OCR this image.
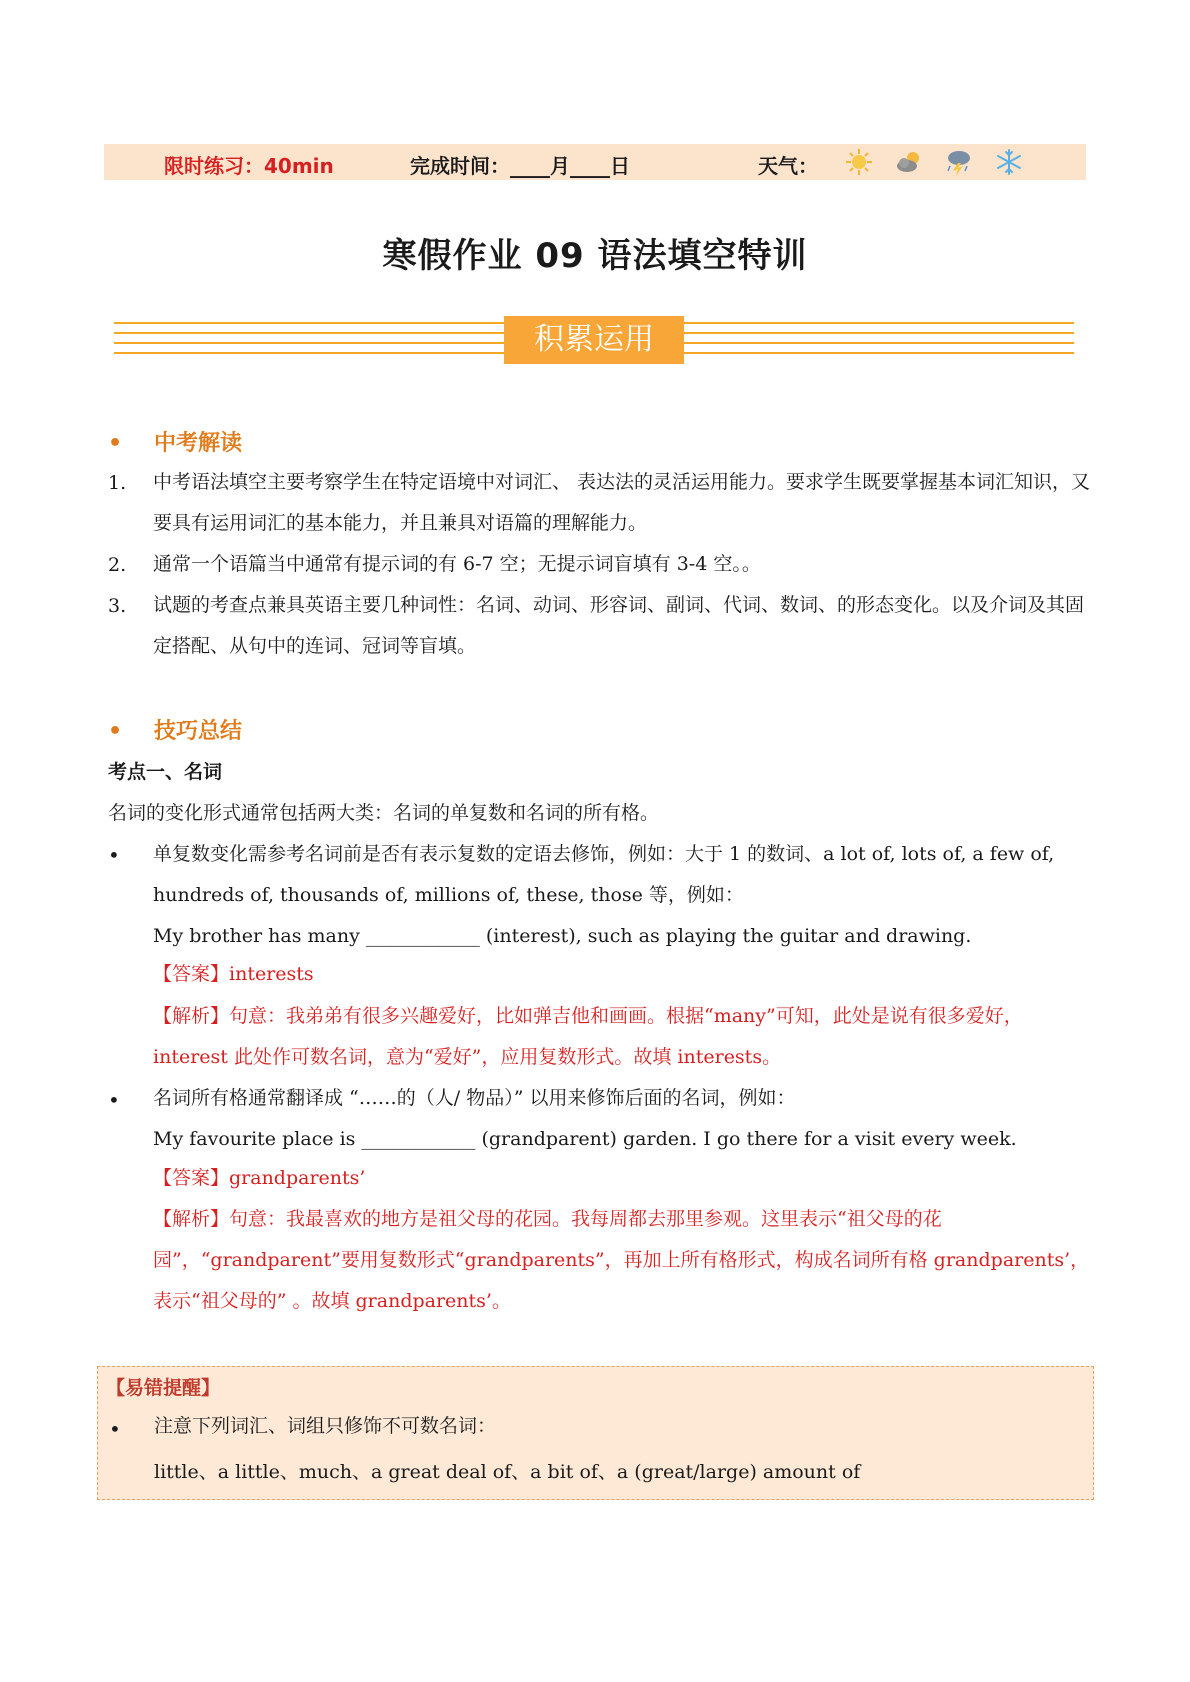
限时练习：40min	完成时间：____月____日	天气：
寒假作业 09 语法填空特训
积累运用
• 中考解读
1. 中考语法填空主要考察学生在特定语境中对词汇、 表达法的灵活运用能力。要求学生既要掌握基本词汇知识，又要具有运用词汇的基本能力，并且兼具对语篇的理解能力。
2. 通常一个语篇当中通常有提示词的有 6-7 空；无提示词盲填有 3-4 空。。
3. 试题的考查点兼具英语主要几种词性：名词、动词、形容词、副词、代词、数词、的形态变化。以及介词及其固定搭配、从句中的连词、冠词等盲填。
• 技巧总结
考点一、名词
名词的变化形式通常包括两大类：名词的单复数和名词的所有格。
• 单复数变化需参考名词前是否有表示复数的定语去修饰，例如：大于 1 的数词、a lot of, lots of, a few of, hundreds of, thousands of, millions of, these, those 等，例如：
My brother has many ____________ (interest), such as playing the guitar and drawing.
【答案】interests
【解析】句意：我弟弟有很多兴趣爱好，比如弹吉他和画画。根据“many”可知，此处是说有很多爱好，interest 此处作可数名词，意为“爱好”，应用复数形式。故填 interests。
• 名词所有格通常翻译成 “……的（人/ 物品）” 以用来修饰后面的名词，例如：
My favourite place is ____________ (grandparent) garden. I go there for a visit every week.
【答案】grandparents’
【解析】句意：我最喜欢的地方是祖父母的花园。我每周都去那里参观。这里表示“祖父母的花园”，“grandparent”要用复数形式“grandparents”，再加上所有格形式，构成名词所有格 grandparents’，表示“祖父母的” 。故填 grandparents’。
【易错提醒】
• 注意下列词汇、词组只修饰不可数名词：
little、a little、much、a great deal of、a bit of、a (great/large) amount of
